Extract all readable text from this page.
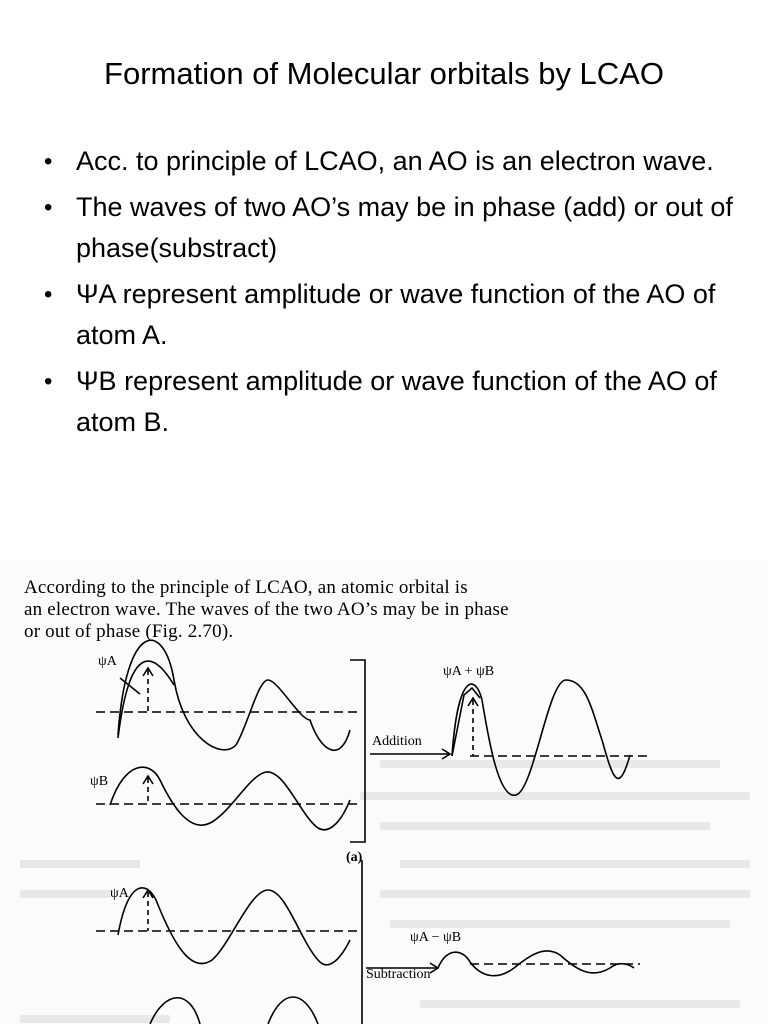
Formation of Molecular orbitals by LCAO
• Acc. to principle of LCAO, an AO is an electron wave.
• The waves of two AO’s may be in phase (add) or out of phase(substract)
• ΨA represent amplitude or wave function of the AO of atom A.
• ΨB represent amplitude or wave function of the AO of atom B.
According to the principle of LCAO, an atomic orbital is
an electron wave. The waves of the two AO’s may be in phase
or out of phase (Fig. 2.70).
ψA
ψB
ψA + ψB
Addition
(a)
ψA
ψA − ψB
Subtraction
